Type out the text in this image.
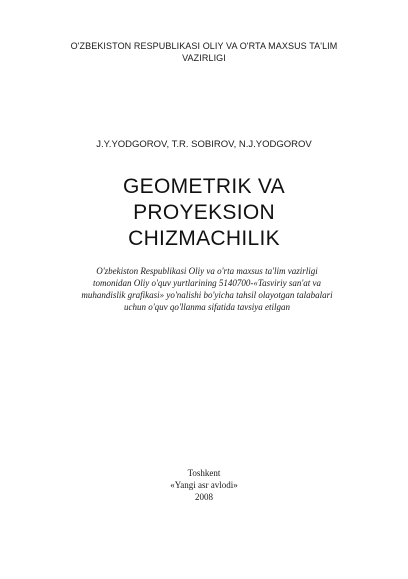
O'ZBEKISTON RESPUBLIKASI OLIY VA O'RTA MAXSUS TA'LIM
VAZIRLIGI
J.Y.YODGOROV, T.R. SOBIROV, N.J.YODGOROV
GEOMETRIK VA
PROYEKSION
CHIZMACHILIK
O'zbekiston Respublikasi Oliy va o'rta maxsus ta'lim vazirligi
tomonidan Oliy o'quv yurtlarining 5140700-«Tasviriy san'at va
muhandislik grafikasi» yo'nalishi bo'yicha tahsil olayotgan talabalari
uchun o'quv qo'llanma sifatida tavsiya etilgan
Toshkent
«Yangi asr avlodi»
2008
